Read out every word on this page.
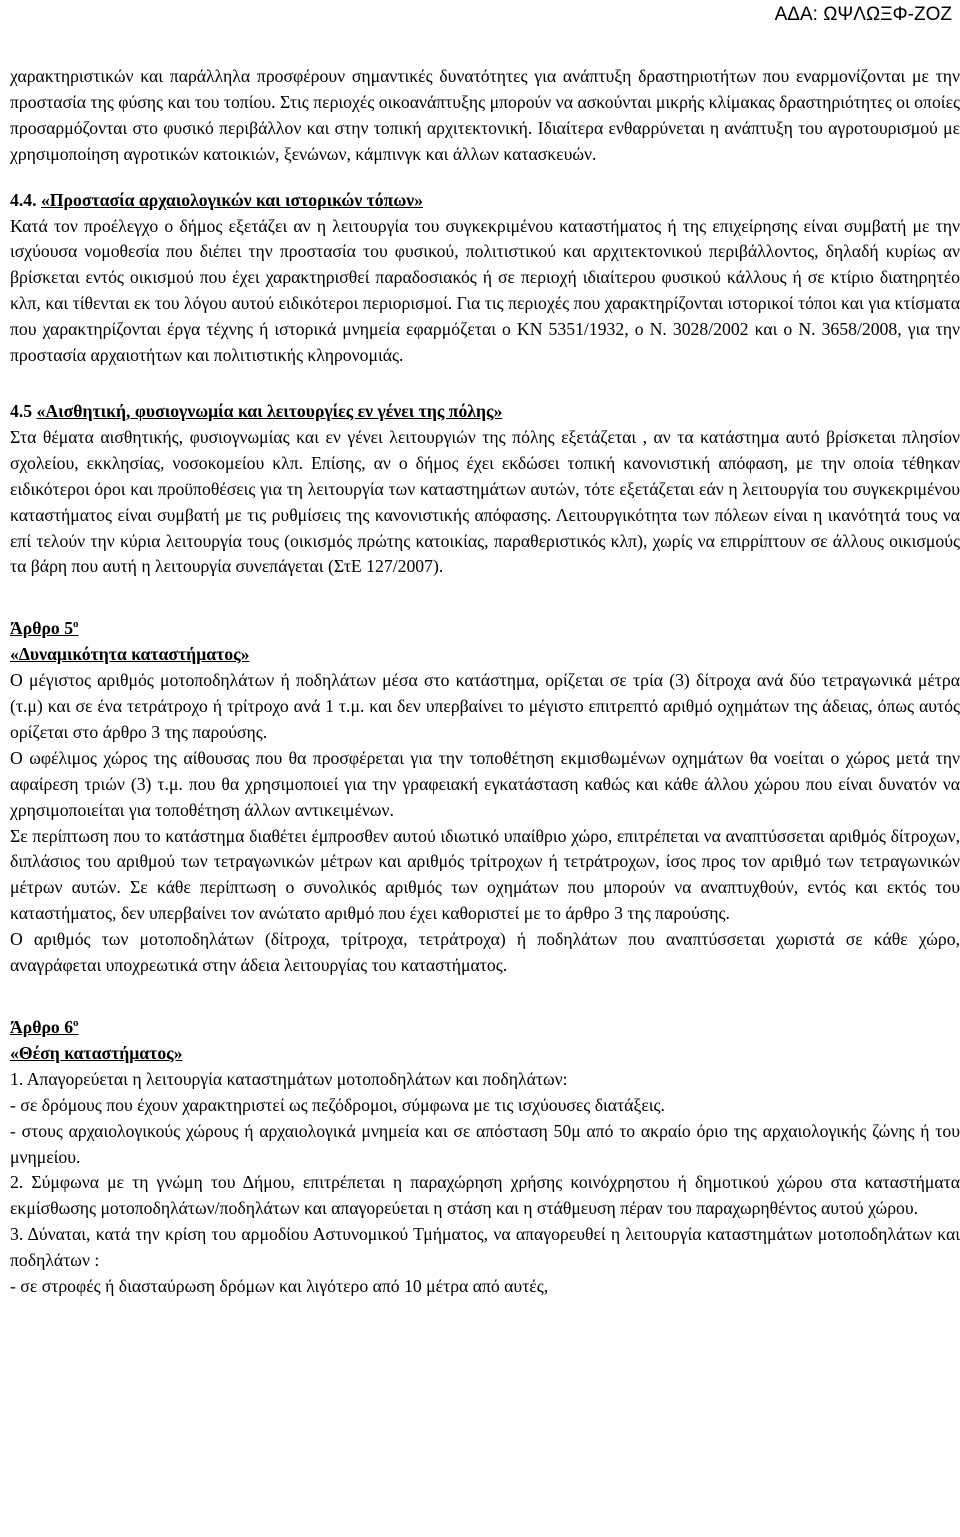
ΑΔΑ: ΩΨΛΩΞΦ-ΖΟΖ

χαρακτηριστικών και παράλληλα προσφέρουν σημαντικές δυνατότητες για ανάπτυξη δραστηριοτήτων που εναρμονίζονται με την προστασία της φύσης και του τοπίου. Στις περιοχές οικοανάπτυξης μπορούν να ασκούνται μικρής κλίμακας δραστηριότητες οι οποίες προσαρμόζονται στο φυσικό περιβάλλον και στην τοπική αρχιτεκτονική. Ιδιαίτερα ενθαρρύνεται η ανάπτυξη του αγροτουρισμού με χρησιμοποίηση αγροτικών κατοικιών, ξενώνων, κάμπινγκ και άλλων κατασκευών.

4.4. «Προστασία αρχαιολογικών και ιστορικών τόπων»

Κατά τον προέλεγχο ο δήμος εξετάζει αν η λειτουργία του συγκεκριμένου καταστήματος ή της επιχείρησης είναι συμβατή με την ισχύουσα νομοθεσία που διέπει την προστασία του φυσικού, πολιτιστικού και αρχιτεκτονικού περιβάλλοντος, δηλαδή κυρίως αν βρίσκεται εντός οικισμού που έχει χαρακτηρισθεί παραδοσιακός ή σε περιοχή ιδιαίτερου φυσικού κάλλους ή σε κτίριο διατηρητέο κλπ, και τίθενται εκ του λόγου αυτού ειδικότεροι περιορισμοί. Για τις περιοχές που χαρακτηρίζονται ιστορικοί τόποι και για κτίσματα που χαρακτηρίζονται έργα τέχνης ή ιστορικά μνημεία εφαρμόζεται ο ΚΝ 5351/1932, ο Ν. 3028/2002 και ο Ν. 3658/2008, για την προστασία αρχαιοτήτων και πολιτιστικής κληρονομιάς.

4.5 «Αισθητική, φυσιογνωμία και λειτουργίες εν γένει της πόλης»

Στα θέματα αισθητικής, φυσιογνωμίας και εν γένει λειτουργιών της πόλης εξετάζεται , αν τα κατάστημα αυτό βρίσκεται πλησίον σχολείου, εκκλησίας, νοσοκομείου κλπ. Επίσης, αν ο δήμος έχει εκδώσει τοπική κανονιστική απόφαση, με την οποία τέθηκαν ειδικότεροι όροι και προϋποθέσεις για τη λειτουργία των καταστημάτων αυτών, τότε εξετάζεται εάν η λειτουργία του συγκεκριμένου καταστήματος είναι συμβατή με τις ρυθμίσεις της κανονιστικής απόφασης. Λειτουργικότητα των πόλεων είναι η ικανότητά τους να επί τελούν την κύρια λειτουργία τους (οικισμός πρώτης κατοικίας, παραθεριστικός κλπ), χωρίς να επιρρίπτουν σε άλλους οικισμούς τα βάρη που αυτή η λειτουργία συνεπάγεται (ΣτΕ 127/2007).

Άρθρο $5^o$

«Δυναμικότητα καταστήματος»

Ο μέγιστος αριθμός μοτοποδηλάτων ή ποδηλάτων μέσα στο κατάστημα, ορίζεται σε τρία (3) δίτροχα ανά δύο τετραγωνικά μέτρα (τ.μ) και σε ένα τετράτροχο ή τρίτροχο ανά 1 τ.μ. και δεν υπερβαίνει το μέγιστο επιτρεπτό αριθμό οχημάτων της άδειας, όπως αυτός ορίζεται στο άρθρο 3 της παρούσης.

Ο ωφέλιμος χώρος της αίθουσας που θα προσφέρεται για την τοποθέτηση εκμισθωμένων οχημάτων θα νοείται ο χώρος μετά την αφαίρεση τριών (3) τ.μ. που θα χρησιμοποιεί για την γραφειακή εγκατάσταση καθώς και κάθε άλλου χώρου που είναι δυνατόν να χρησιμοποιείται για τοποθέτηση άλλων αντικειμένων.

Σε περίπτωση που το κατάστημα διαθέτει έμπροσθεν αυτού ιδιωτικό υπαίθριο χώρο, επιτρέπεται να αναπτύσσεται αριθμός δίτροχων, διπλάσιος του αριθμού των τετραγωνικών μέτρων και αριθμός τρίτροχων ή τετράτροχων, ίσος προς τον αριθμό των τετραγωνικών μέτρων αυτών. Σε κάθε περίπτωση ο συνολικός αριθμός των οχημάτων που μπορούν να αναπτυχθούν, εντός και εκτός του καταστήματος, δεν υπερβαίνει τον ανώτατο αριθμό που έχει καθοριστεί με το άρθρο 3 της παρούσης.

Ο αριθμός των μοτοποδηλάτων (δίτροχα, τρίτροχα, τετράτροχα) ή ποδηλάτων που αναπτύσσεται χωριστά σε κάθε χώρο, αναγράφεται υποχρεωτικά στην άδεια λειτουργίας του καταστήματος.

Άρθρο $6^o$

«Θέση καταστήματος»

1. Απαγορεύεται η λειτουργία καταστημάτων μοτοποδηλάτων και ποδηλάτων:

- σε δρόμους που έχουν χαρακτηριστεί ως πεζόδρομοι, σύμφωνα με τις ισχύουσες διατάξεις.

- στους αρχαιολογικούς χώρους ή αρχαιολογικά μνημεία και σε απόσταση 50μ από το ακραίο όριο της αρχαιολογικής ζώνης ή του μνημείου.

2. Σύμφωνα με τη γνώμη του Δήμου, επιτρέπεται η παραχώρηση χρήσης κοινόχρηστου ή δημοτικού χώρου στα καταστήματα εκμίσθωσης μοτοποδηλάτων/ποδηλάτων και απαγορεύεται η στάση και η στάθμευση πέραν του παραχωρηθέντος αυτού χώρου.

3. Δύναται, κατά την κρίση του αρμοδίου Αστυνομικού Τμήματος, να απαγορευθεί η λειτουργία καταστημάτων μοτοποδηλάτων και ποδηλάτων :

- σε στροφές ή διασταύρωση δρόμων και λιγότερο από 10 μέτρα από αυτές,
